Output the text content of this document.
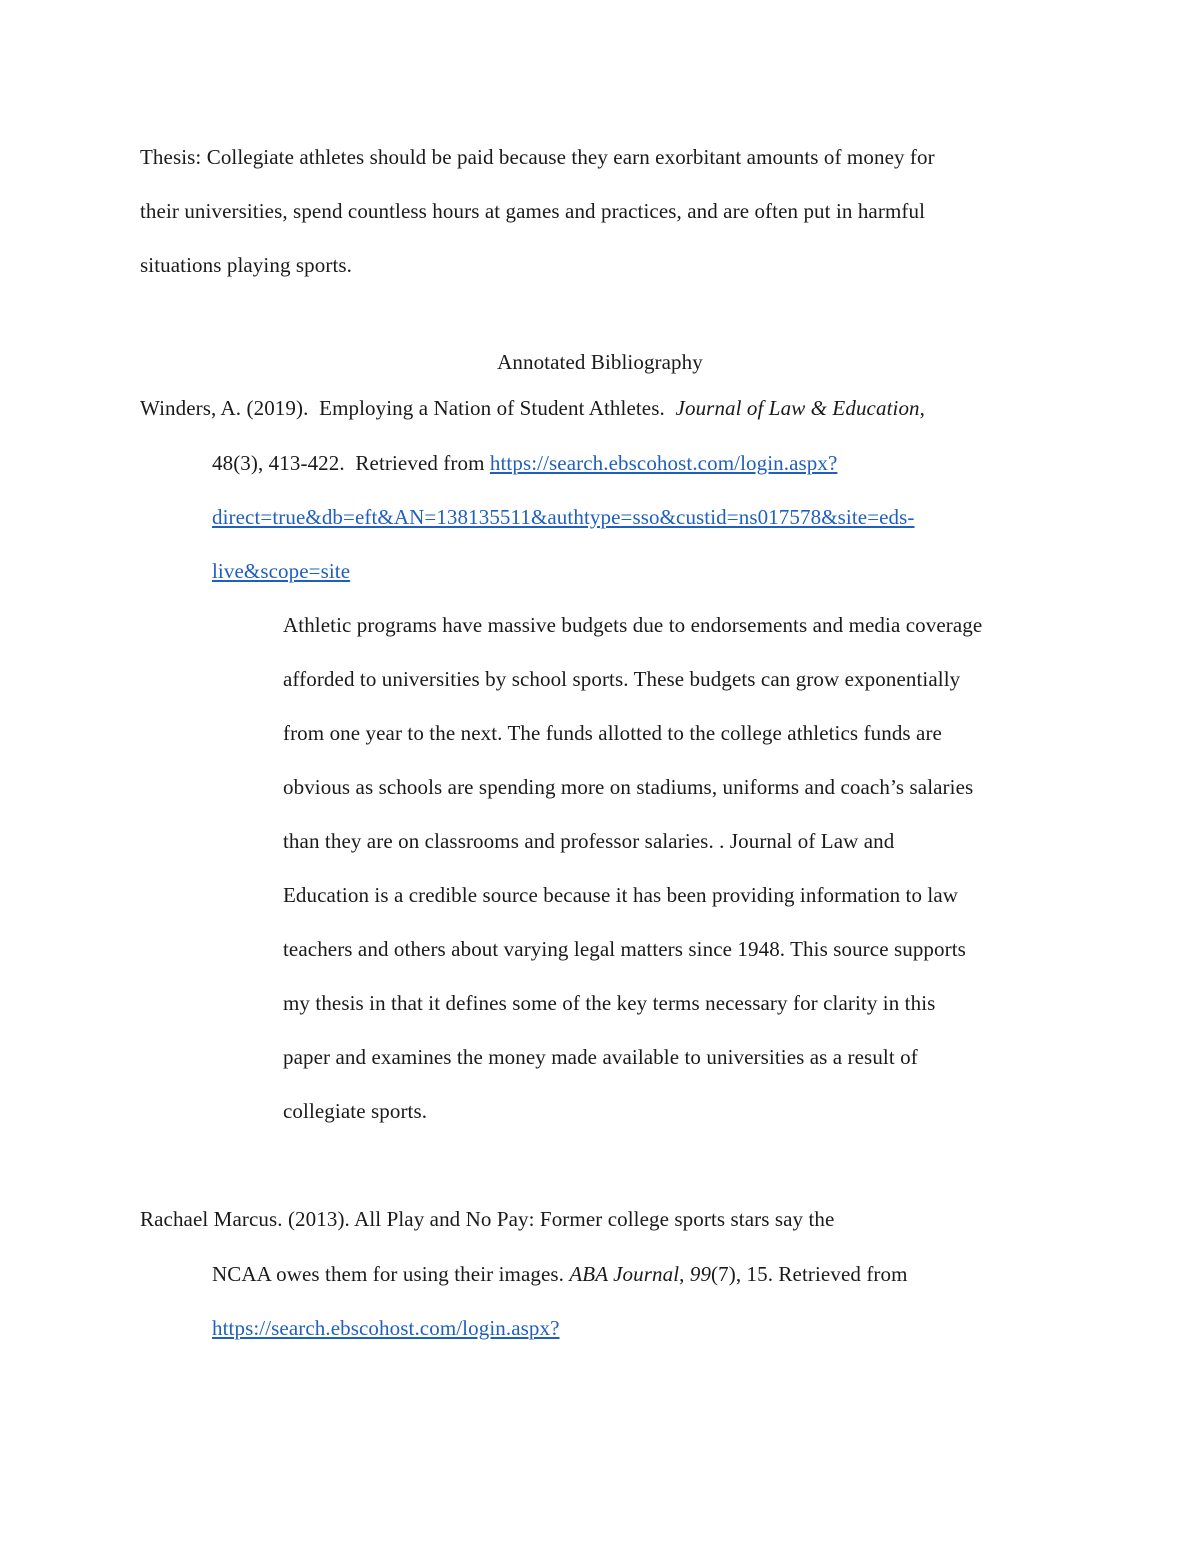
Thesis: Collegiate athletes should be paid because they earn exorbitant amounts of money for
their universities, spend countless hours at games and practices, and are often put in harmful
situations playing sports.
Annotated Bibliography
Winders, A. (2019).  Employing a Nation of Student Athletes.  Journal of Law & Education,
48(3), 413-422.  Retrieved from https://search.ebscohost.com/login.aspx?
direct=true&db=eft&AN=138135511&authtype=sso&custid=ns017578&site=eds-
live&scope=site
Athletic programs have massive budgets due to endorsements and media coverage
afforded to universities by school sports. These budgets can grow exponentially
from one year to the next. The funds allotted to the college athletics funds are
obvious as schools are spending more on stadiums, uniforms and coach’s salaries
than they are on classrooms and professor salaries. . Journal of Law and
Education is a credible source because it has been providing information to law
teachers and others about varying legal matters since 1948. This source supports
my thesis in that it defines some of the key terms necessary for clarity in this
paper and examines the money made available to universities as a result of
collegiate sports.
Rachael Marcus. (2013). All Play and No Pay: Former college sports stars say the
NCAA owes them for using their images. ABA Journal, 99(7), 15. Retrieved from
https://search.ebscohost.com/login.aspx?
